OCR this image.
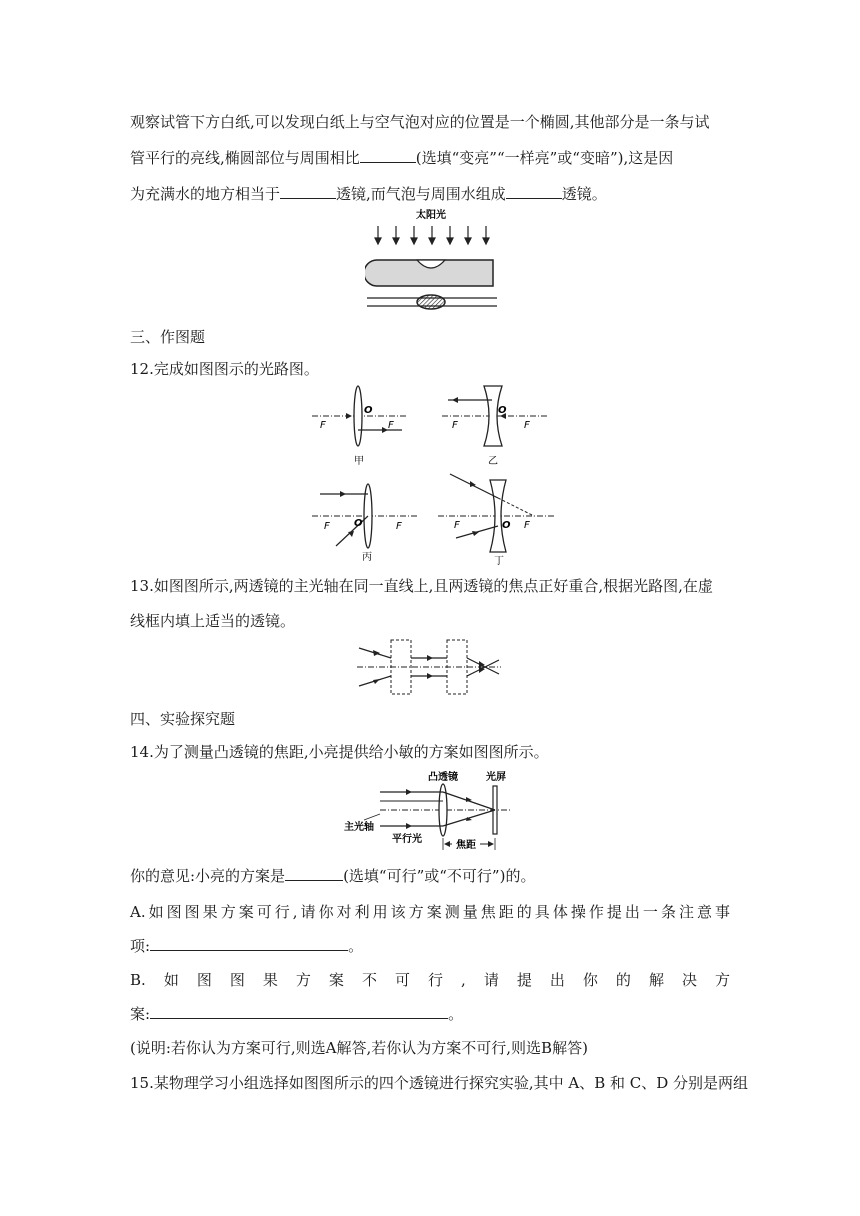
观察试管下方白纸,可以发现白纸上与空气泡对应的位置是一个椭圆,其他部分是一条与试
管平行的亮线,椭圆部位与周围相比	(选填“变亮”“一样亮”或“变暗”),这是因
为充满水的地方相当于	透镜,而气泡与周围水组成	透镜。
太阳光
三、作图题
12.完成如图图示的光路图。
F	F
O
甲
F	F
O
乙
F	F
O
丙
F	F
O
丁
13.如图图所示,两透镜的主光轴在同一直线上,且两透镜的焦点正好重合,根据光路图,在虚
线框内填上适当的透镜。
四、实验探究题
14.为了测量凸透镜的焦距,小亮提供给小敏的方案如图图所示。
凸透镜	光屏
主光轴
平行光
焦距
你的意见:小亮的方案是	(选填“可行”或“不可行”)的。
A.如图图果方案可行,请你对利用该方案测量焦距的具体操作提出一条注意事
项:	。
B.如图图果方案不可行,请提出你的解决方
案:	。
(说明:若你认为方案可行,则选A解答,若你认为方案不可行,则选B解答)
15.某物理学习小组选择如图图所示的四个透镜进行探究实验,其中 A、B 和 C、D 分别是两组
